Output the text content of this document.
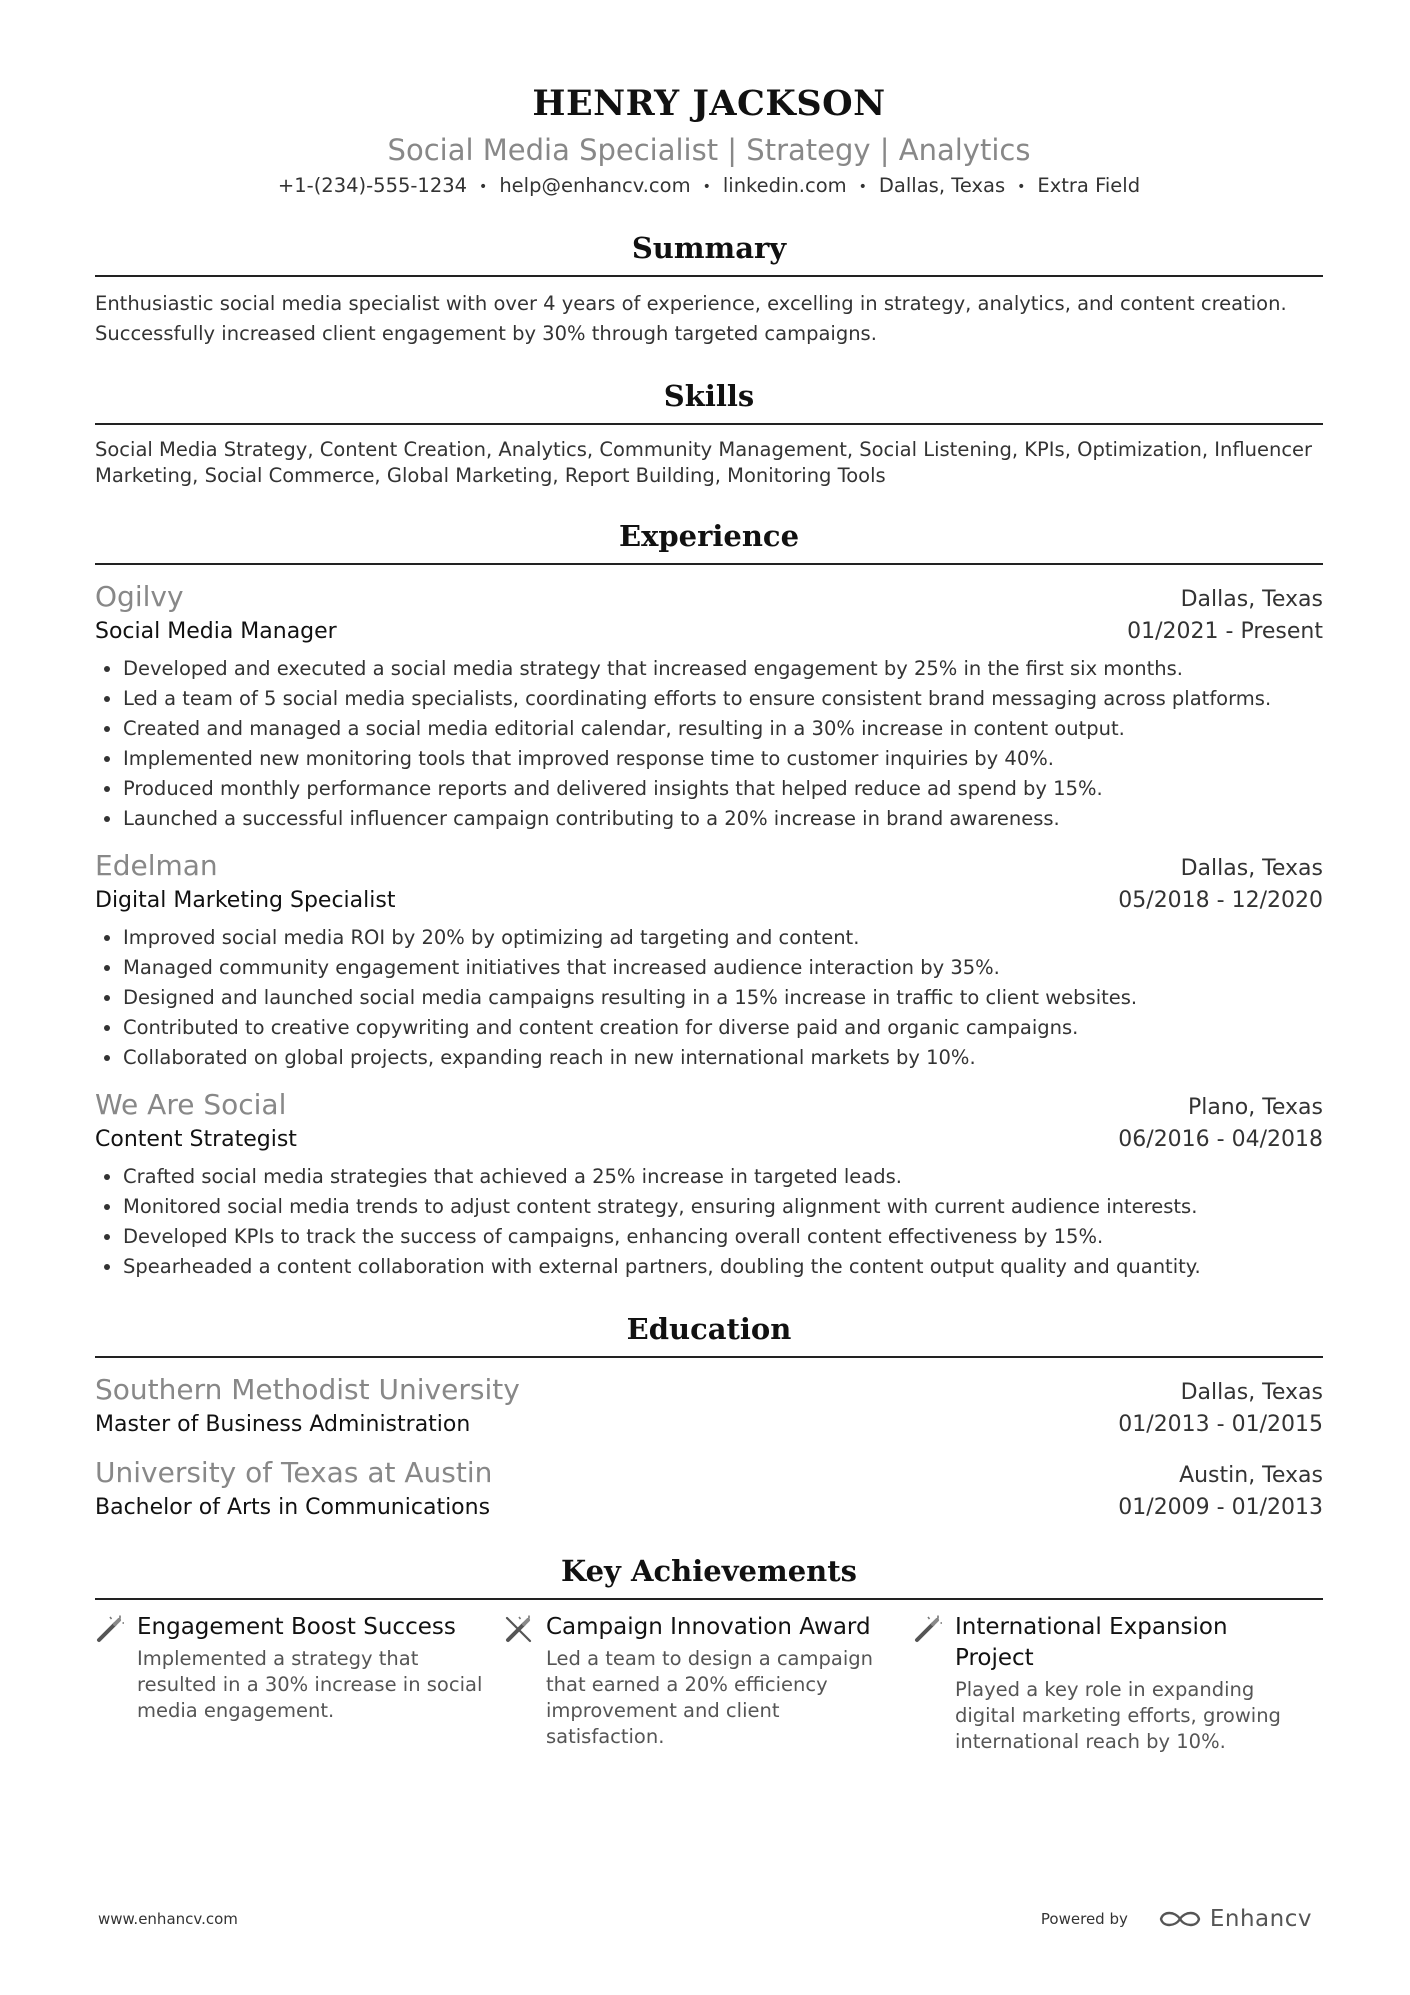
HENRY JACKSON
Social Media Specialist | Strategy | Analytics
+1-(234)-555-1234 • help@enhancv.com • linkedin.com • Dallas, Texas • Extra Field
Summary
Enthusiastic social media specialist with over 4 years of experience, excelling in strategy, analytics, and content creation. Successfully increased client engagement by 30% through targeted campaigns.
Skills
Social Media Strategy, Content Creation, Analytics, Community Management, Social Listening, KPIs, Optimization, Influencer Marketing, Social Commerce, Global Marketing, Report Building, Monitoring Tools
Experience
Ogilvy	Dallas, Texas
Social Media Manager	01/2021 - Present
• Developed and executed a social media strategy that increased engagement by 25% in the first six months.
• Led a team of 5 social media specialists, coordinating efforts to ensure consistent brand messaging across platforms.
• Created and managed a social media editorial calendar, resulting in a 30% increase in content output.
• Implemented new monitoring tools that improved response time to customer inquiries by 40%.
• Produced monthly performance reports and delivered insights that helped reduce ad spend by 15%.
• Launched a successful influencer campaign contributing to a 20% increase in brand awareness.
Edelman	Dallas, Texas
Digital Marketing Specialist	05/2018 - 12/2020
• Improved social media ROI by 20% by optimizing ad targeting and content.
• Managed community engagement initiatives that increased audience interaction by 35%.
• Designed and launched social media campaigns resulting in a 15% increase in traffic to client websites.
• Contributed to creative copywriting and content creation for diverse paid and organic campaigns.
• Collaborated on global projects, expanding reach in new international markets by 10%.
We Are Social	Plano, Texas
Content Strategist	06/2016 - 04/2018
• Crafted social media strategies that achieved a 25% increase in targeted leads.
• Monitored social media trends to adjust content strategy, ensuring alignment with current audience interests.
• Developed KPIs to track the success of campaigns, enhancing overall content effectiveness by 15%.
• Spearheaded a content collaboration with external partners, doubling the content output quality and quantity.
Education
Southern Methodist University	Dallas, Texas
Master of Business Administration	01/2013 - 01/2015
University of Texas at Austin	Austin, Texas
Bachelor of Arts in Communications	01/2009 - 01/2013
Key Achievements
Engagement Boost Success
Implemented a strategy that resulted in a 30% increase in social media engagement.
Campaign Innovation Award
Led a team to design a campaign that earned a 20% efficiency improvement and client satisfaction.
International Expansion Project
Played a key role in expanding digital marketing efforts, growing international reach by 10%.
www.enhancv.com	Powered by	Enhancv
